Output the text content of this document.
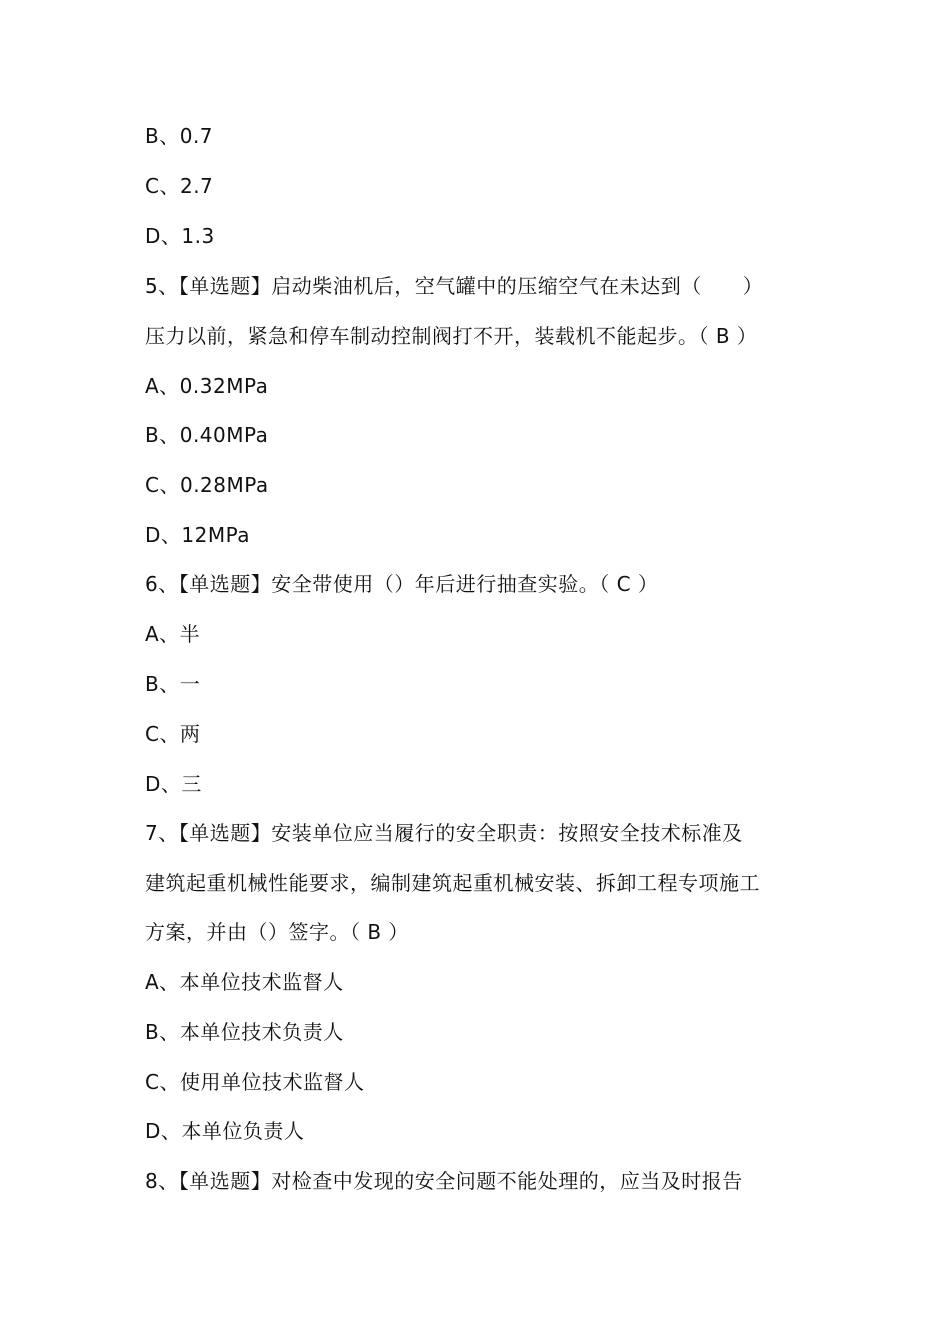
B、0.7
C、2.7
D、1.3
5、【单选题】启动柴油机后，空气罐中的压缩空气在未达到（　　）
压力以前，紧急和停车制动控制阀打不开，装载机不能起步。（ B ）
A、0.32MPa
B、0.40MPa
C、0.28MPa
D、12MPa
6、【单选题】安全带使用（）年后进行抽查实验。（ C ）
A、半
B、一
C、两
D、三
7、【单选题】安装单位应当履行的安全职责：按照安全技术标准及
建筑起重机械性能要求，编制建筑起重机械安装、拆卸工程专项施工
方案，并由（）签字。（ B ）
A、本单位技术监督人
B、本单位技术负责人
C、使用单位技术监督人
D、本单位负责人
8、【单选题】对检查中发现的安全问题不能处理的，应当及时报告
